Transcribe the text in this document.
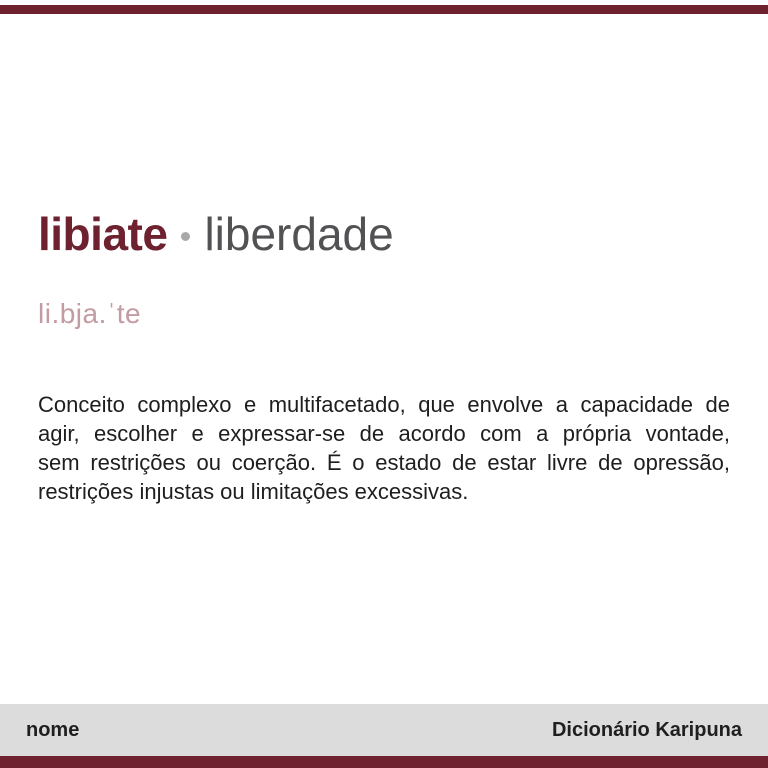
libiate liberdade
li.bja.ˈte
Conceito complexo e multifacetado, que envolve a capacidade de
agir, escolher e expressar-se de acordo com a própria vontade,
sem restrições ou coerção. É o estado de estar livre de opressão,
restrições injustas ou limitações excessivas.
nome	Dicionário Karipuna
